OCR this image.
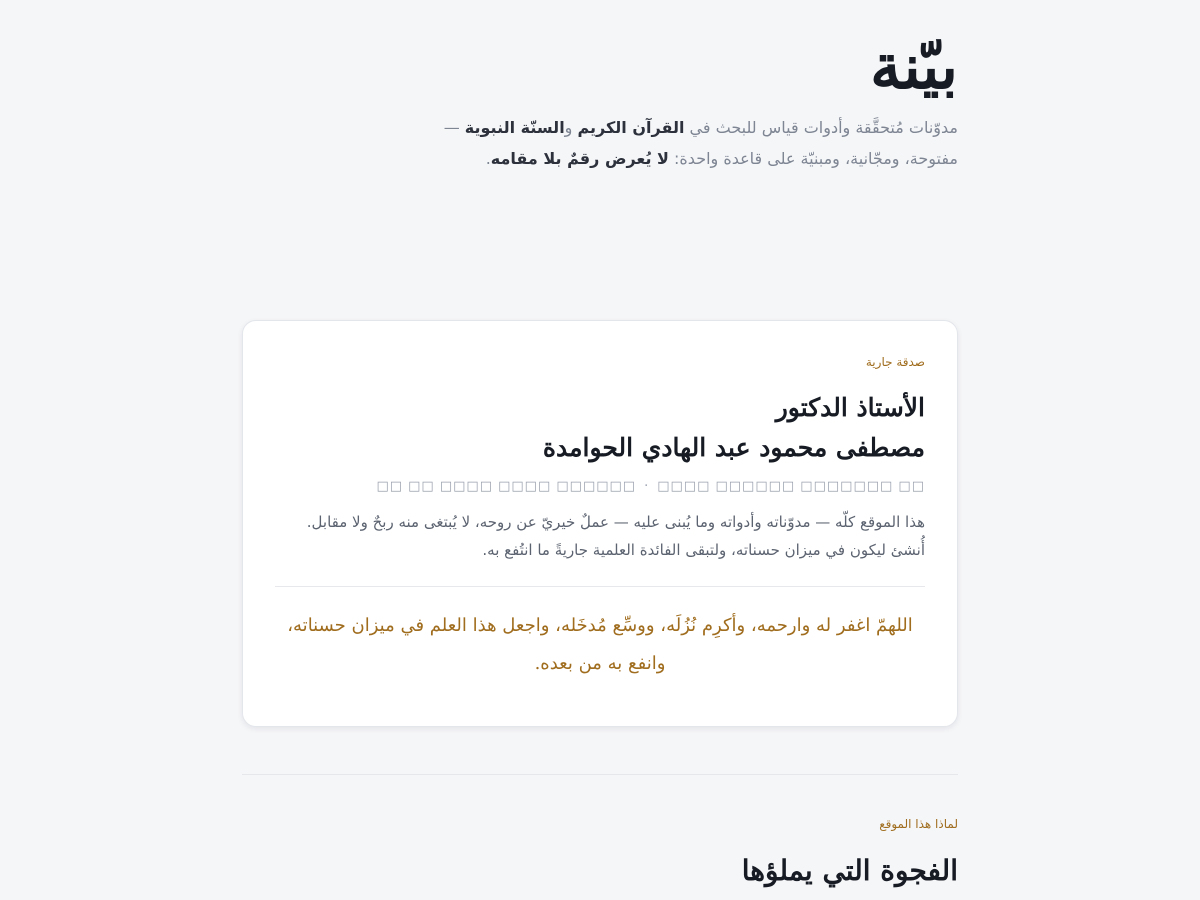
بيّنة

مدوّنات مُتحقَّقة وأدوات قياس للبحث في القرآن الكريم والسنّة النبوية — مفتوحة، ومجّانية، ومبنيّة على قاعدة واحدة: لا يُعرض رقمٌ بلا مقامه.

صدقة جارية
الأستاذ الدكتور
مصطفى محمود عبد الهادي الحوامدة
□□ □□□□□□□ □□□□□□ □□□□·□□□□□□ □□□□ □□□□ □□ □□

هذا الموقع كلّه — مدوّناته وأدواته وما يُبنى عليه — عملٌ خيريّ عن روحه، لا يُبتغى منه ربحٌ ولا مقابل. أُنشئ ليكون في ميزان حسناته، ولتبقى الفائدة العلمية جاريةً ما انتُفع به.

اللهمّ اغفر له وارحمه، وأكرِم نُزُلَه، ووسِّع مُدخَله، واجعل هذا العلم في ميزان حسناته، وانفع به من بعده.

لماذا هذا الموقع
الفجوة التي يملؤها
